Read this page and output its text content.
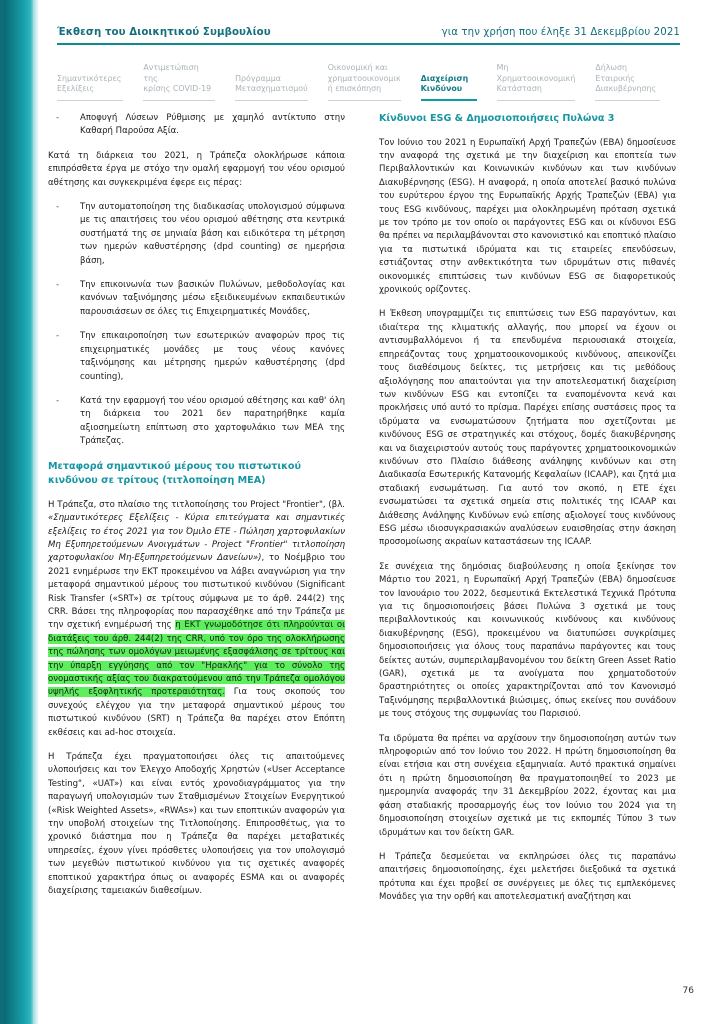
Έκθεση του Διοικητικού Συμβουλίου	για την χρήση που έληξε 31 Δεκεμβρίου 2021
Σημαντικότερες
Εξελίξεις
Αντιμετώπιση της
κρίσης COVID-19
Πρόγραμμα
Μετασχηματισμού
Οικονομική και
χρηματοοικονομικ
ή επισκόπηση
Διαχείριση
Κινδύνου
Μη
Χρηματοοικονομική
Κατάσταση
Δήλωση
Εταιρικής
Διακυβέρνησης
- Αποφυγή Λύσεων Ρύθμισης με χαμηλό αντίκτυπο στην Καθαρή Παρούσα Αξία.

Κατά τη διάρκεια του 2021, η Τράπεζα ολοκλήρωσε κάποια επιπρόσθετα έργα με στόχο την ομαλή εφαρμογή του νέου ορισμού αθέτησης και συγκεκριμένα έφερε εις πέρας:

- Την αυτοματοποίηση της διαδικασίας υπολογισμού σύμφωνα με τις απαιτήσεις του νέου ορισμού αθέτησης στα κεντρικά συστήματά της σε μηνιαία βάση και ειδικότερα τη μέτρηση των ημερών καθυστέρησης (dpd counting) σε ημερήσια βάση,
- Την επικοινωνία των βασικών Πυλώνων, μεθοδολογίας και κανόνων ταξινόμησης μέσω εξειδικευμένων εκπαιδευτικών παρουσιάσεων σε όλες τις Επιχειρηματικές Μονάδες,
- Την επικαιροποίηση των εσωτερικών αναφορών προς τις επιχειρηματικές μονάδες με τους νέους κανόνες ταξινόμησης και μέτρησης ημερών καθυστέρησης (dpd counting),
- Κατά την εφαρμογή του νέου ορισμού αθέτησης και καθ' όλη τη διάρκεια του 2021 δεν παρατηρήθηκε καμία αξιοσημείωτη επίπτωση στο χαρτοφυλάκιο των ΜΕΑ της Τράπεζας.
Μεταφορά σημαντικού μέρους του πιστωτικού κινδύνου σε τρίτους (τιτλοποίηση ΜΕΑ)

Η Τράπεζα, στο πλαίσιο της τιτλοποίησης του Project "Frontier", (βλ. «Σημαντικότερες Εξελίξεις - Κύρια επιτεύγματα και σημαντικές εξελίξεις το έτος 2021 για τον Όμιλο ΕΤΕ - Πώληση χαρτοφυλακίων Μη Εξυπηρετούμενων Ανοιγμάτων - Project "Frontier" τιτλοποίηση χαρτοφυλακίου Μη-Εξυπηρετούμενων Δανείων»), το Νοέμβριο του 2021 ενημέρωσε την ΕΚΤ προκειμένου να λάβει αναγνώριση για την μεταφορά σημαντικού μέρους του πιστωτικού κινδύνου (Significant Risk Transfer («SRT») σε τρίτους σύμφωνα με το άρθ. 244(2) της CRR. Βάσει της πληροφορίας που παρασχέθηκε από την Τράπεζα με την σχετική ενημέρωσή της η ΕΚΤ γνωμοδότησε ότι πληρούνται οι διατάξεις του άρθ. 244(2) της CRR, υπό τον όρο της ολοκλήρωσης της πώλησης των ομολόγων μειωμένης εξασφάλισης σε τρίτους και την ύπαρξη εγγύησης από τον "Ηρακλής" για το σύνολο της ονομαστικής αξίας του διακρατούμενου από την Τράπεζα ομολόγου υψηλής εξοφλητικής προτεραιότητας. Για τους σκοπούς του συνεχούς ελέγχου για την μεταφορά σημαντικού μέρους του πιστωτικού κινδύνου (SRT) η Τράπεζα θα παρέχει στον Επόπτη εκθέσεις και ad-hoc στοιχεία.

Η Τράπεζα έχει πραγματοποιήσει όλες τις απαιτούμενες υλοποιήσεις και τον Έλεγχο Αποδοχής Χρηστών («User Acceptance Testing", «UAT») και είναι εντός χρονοδιαγράμματος για την παραγωγή υπολογισμών των Σταθμισμένων Στοιχείων Ενεργητικού («Risk Weighted Assets», «RWAs») και των εποπτικών αναφορών για την υποβολή στοιχείων της Τιτλοποίησης. Επιπροσθέτως, για το χρονικό διάστημα που η Τράπεζα θα παρέχει μεταβατικές υπηρεσίες, έχουν γίνει πρόσθετες υλοποιήσεις για τον υπολογισμό των μεγεθών πιστωτικού κινδύνου για τις σχετικές αναφορές εποπτικού χαρακτήρα όπως οι αναφορές ESMA και οι αναφορές διαχείρισης ταμειακών διαθεσίμων.

Κίνδυνοι ESG & Δημοσιοποιήσεις Πυλώνα 3

Τον Ιούνιο του 2021 η Ευρωπαϊκή Αρχή Τραπεζών (ΕΒΑ) δημοσίευσε την αναφορά της σχετικά με την διαχείριση και εποπτεία των Περιβαλλοντικών και Κοινωνικών κινδύνων και των κινδύνων Διακυβέρνησης (ESG). Η αναφορά, η οποία αποτελεί βασικό πυλώνα του ευρύτερου έργου της Ευρωπαϊκής Αρχής Τραπεζών (ΕΒΑ) για τους ESG κινδύνους, παρέχει μια ολοκληρωμένη πρόταση σχετικά με τον τρόπο με τον οποίο οι παράγοντες ESG και οι κίνδυνοι ESG θα πρέπει να περιλαμβάνονται στο κανονιστικό και εποπτικό πλαίσιο για τα πιστωτικά ιδρύματα και τις εταιρείες επενδύσεων, εστιάζοντας στην ανθεκτικότητα των ιδρυμάτων στις πιθανές οικονομικές επιπτώσεις των κινδύνων ESG σε διαφορετικούς χρονικούς ορίζοντες.

Η Έκθεση υπογραμμίζει τις επιπτώσεις των ESG παραγόντων, και ιδιαίτερα της κλιματικής αλλαγής, που μπορεί να έχουν οι αντισυμβαλλόμενοι ή τα επενδυμένα περιουσιακά στοιχεία, επηρεάζοντας τους χρηματοοικονομικούς κινδύνους, απεικονίζει τους διαθέσιμους δείκτες, τις μετρήσεις και τις μεθόδους αξιολόγησης που απαιτούνται για την αποτελεσματική διαχείριση των κινδύνων ESG και εντοπίζει τα εναπομένοντα κενά και προκλήσεις υπό αυτό το πρίσμα. Παρέχει επίσης συστάσεις προς τα ιδρύματα να ενσωματώσουν ζητήματα που σχετίζονται με κινδύνους ESG σε στρατηγικές και στόχους, δομές διακυβέρνησης και να διαχειριστούν αυτούς τους παράγοντες χρηματοοικονομικών κινδύνων στο Πλαίσιο διάθεσης ανάληψης κινδύνων και στη Διαδικασία Εσωτερικής Κατανομής Κεφαλαίων (ICAAP), και ζητά μια σταδιακή ενσωμάτωση. Για αυτό τον σκοπό, η ΕΤΕ έχει ενσωματώσει τα σχετικά σημεία στις πολιτικές της ICAAP και Διάθεσης Ανάληψης Κινδύνων ενώ επίσης αξιολογεί τους κινδύνους ESG μέσω ιδιοσυγκρασιακών αναλύσεων ευαισθησίας στην άσκηση προσομοίωσης ακραίων καταστάσεων της ICAAP.

Σε συνέχεια της δημόσιας διαβούλευσης η οποία ξεκίνησε τον Μάρτιο του 2021, η Ευρωπαϊκή Αρχή Τραπεζών (ΕΒΑ) δημοσίευσε τον Ιανουάριο του 2022, δεσμευτικά Εκτελεστικά Τεχνικά Πρότυπα για τις δημοσιοποιήσεις βάσει Πυλώνα 3 σχετικά με τους περιβαλλοντικούς και κοινωνικούς κινδύνους και κινδύνους διακυβέρνησης (ESG), προκειμένου να διατυπώσει συγκρίσιμες δημοσιοποιήσεις για όλους τους παραπάνω παράγοντες και τους δείκτες αυτών, συμπεριλαμβανομένου του δείκτη Green Asset Ratio (GAR), σχετικά με τα ανοίγματα που χρηματοδοτούν δραστηριότητες οι οποίες χαρακτηρίζονται από τον Κανονισμό Ταξινόμησης περιβαλλοντικά βιώσιμες, όπως εκείνες που συνάδουν με τους στόχους της συμφωνίας του Παρισιού.

Τα ιδρύματα θα πρέπει να αρχίσουν την δημοσιοποίηση αυτών των πληροφοριών από τον Ιούνιο του 2022. Η πρώτη δημοσιοποίηση θα είναι ετήσια και στη συνέχεια εξαμηνιαία. Αυτό πρακτικά σημαίνει ότι η πρώτη δημοσιοποίηση θα πραγματοποιηθεί το 2023 με ημερομηνία αναφοράς την 31 Δεκεμβρίου 2022, έχοντας και μια φάση σταδιακής προσαρμογής έως τον Ιούνιο του 2024 για τη δημοσιοποίηση στοιχείων σχετικά με τις εκπομπές Τύπου 3 των ιδρυμάτων και τον δείκτη GAR.

Η Τράπεζα δεσμεύεται να εκπληρώσει όλες τις παραπάνω απαιτήσεις δημοσιοποίησης, έχει μελετήσει διεξοδικά τα σχετικά πρότυπα και έχει προβεί σε συνέργειες με όλες τις εμπλεκόμενες Μονάδες για την ορθή και αποτελεσματική αναζήτηση και

76
